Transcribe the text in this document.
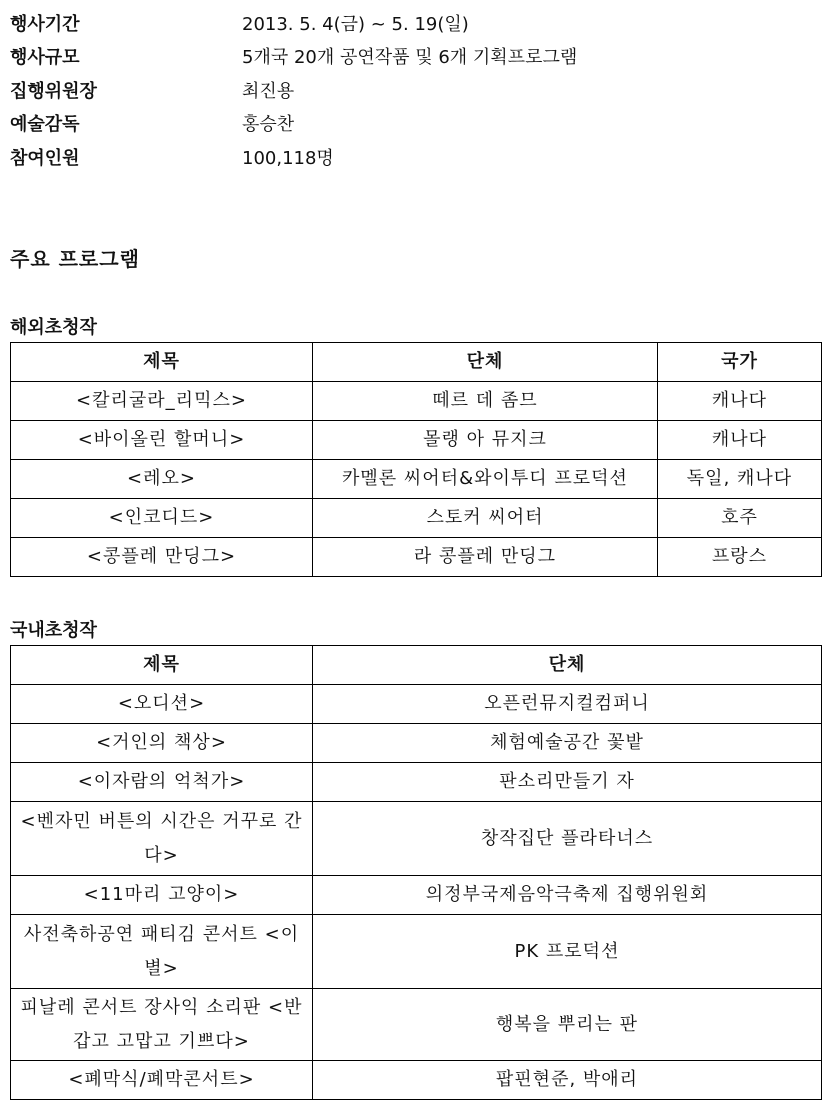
행사기간	2013. 5. 4(금) ~ 5. 19(일)
행사규모	5개국 20개 공연작품 및 6개 기획프로그램
집행위원장	최진용
예술감독	홍승찬
참여인원	100,118명
주요 프로그램
해외초청작
제목	단체	국가
<칼리굴라_리믹스>	떼르 데 좀므	캐나다
<바이올린 할머니>	몰랭 아 뮤지크	캐나다
<레오>	카멜론 씨어터&와이투디 프로덕션	독일, 캐나다
<인코디드>	스토커 씨어터	호주
<콩플레 만딩그>	라 콩플레 만딩그	프랑스
국내초청작
제목	단체
<오디션>	오픈런뮤지컬컴퍼니
<거인의 책상>	체험예술공간 꽃밭
<이자람의 억척가>	판소리만들기 자
<벤자민 버튼의 시간은 거꾸로 간다>	창작집단 플라타너스
<11마리 고양이>	의정부국제음악극축제 집행위원회
사전축하공연 패티김 콘서트 <이별>	PK 프로덕션
피날레 콘서트 장사익 소리판 <반갑고 고맙고 기쁘다>	행복을 뿌리는 판
<폐막식/폐막콘서트>	팝핀현준, 박애리
